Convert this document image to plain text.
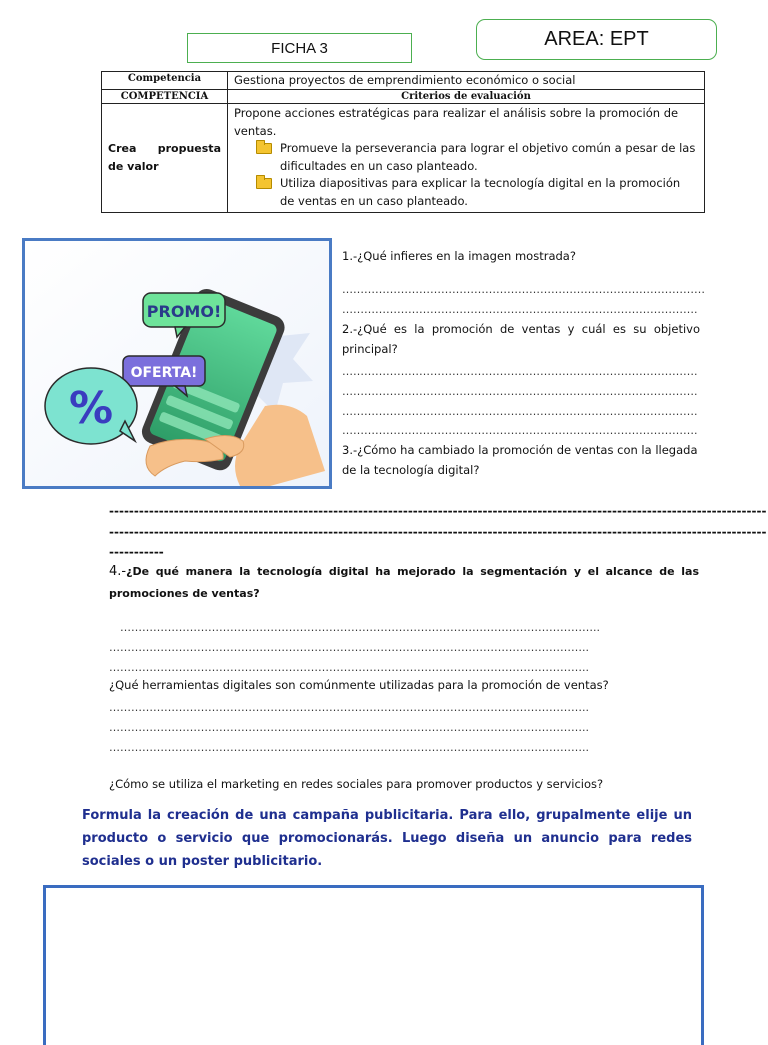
FICHA 3	AREA: EPT
Competencia	Gestiona proyectos de emprendimiento económico o social
COMPETENCIA	Criterios de evaluación
Crea propuesta de valor	Propone acciones estratégicas para realizar el análisis sobre la promoción de ventas.
Promueve la perseverancia para lograr el objetivo común a pesar de las dificultades en un caso planteado.
Utiliza diapositivas para explicar la tecnología digital en la promoción de ventas en un caso planteado.
PROMO!
OFERTA!
%
1.-¿Qué infieres en la imagen mostrada?
………………………………………………………………………………………
…………………………………………………………………………………….
2.-¿Qué es la promoción de ventas y cuál es su objetivo principal?
…………………………………………………………………………………….
…………………………………………………………………………………….
…………………………………………………………………………………….
…………………………………………………………………………………….
3.-¿Cómo ha cambiado la promoción de ventas con la llegada de la tecnología digital?
------------------------------------------------------------------------------------------------------------------------------------
------------------------------------------------------------------------------------------------------------------------------------
-----------
4.-¿De qué manera la tecnología digital ha mejorado la segmentación y el alcance de las promociones de ventas?
…………………………………………………………………………………………………………………..
…………………………………………………………………………………………………………………..
…………………………………………………………………………………………………………………..
¿Qué herramientas digitales son comúnmente utilizadas para la promoción de ventas?
…………………………………………………………………………………………………………………..
…………………………………………………………………………………………………………………..
…………………………………………………………………………………………………………………..
¿Cómo se utiliza el marketing en redes sociales para promover productos y servicios?
Formula la creación de una campaña publicitaria. Para ello, grupalmente elije un producto o servicio que promocionarás. Luego diseña un anuncio para redes sociales o un poster publicitario.
